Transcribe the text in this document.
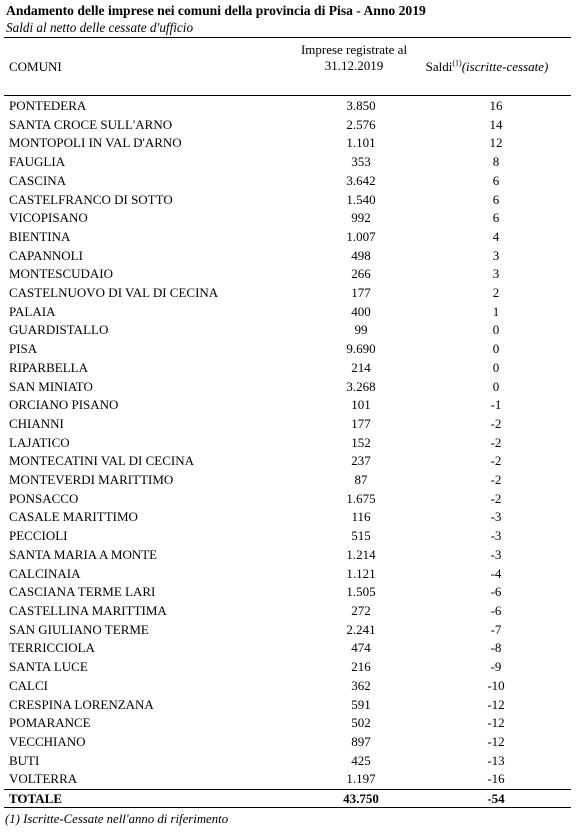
Andamento delle imprese nei comuni della provincia di Pisa - Anno 2019
Saldi al netto delle cessate d'ufficio
COMUNI
Imprese registrate al 31.12.2019	Saldi$^{(1)}$(iscritte-cessate)
PONTEDERA	3.850	16
SANTA CROCE SULL'ARNO	2.576	14
MONTOPOLI IN VAL D'ARNO	1.101	12
FAUGLIA	353	8
CASCINA	3.642	6
CASTELFRANCO DI SOTTO	1.540	6
VICOPISANO	992	6
BIENTINA	1.007	4
CAPANNOLI	498	3
MONTESCUDAIO	266	3
CASTELNUOVO DI VAL DI CECINA	177	2
PALAIA	400	1
GUARDISTALLO	99	0
PISA	9.690	0
RIPARBELLA	214	0
SAN MINIATO	3.268	0
ORCIANO PISANO	101	-1
CHIANNI	177	-2
LAJATICO	152	-2
MONTECATINI VAL DI CECINA	237	-2
MONTEVERDI MARITTIMO	87	-2
PONSACCO	1.675	-2
CASALE MARITTIMO	116	-3
PECCIOLI	515	-3
SANTA MARIA A MONTE	1.214	-3
CALCINAIA	1.121	-4
CASCIANA TERME LARI	1.505	-6
CASTELLINA MARITTIMA	272	-6
SAN GIULIANO TERME	2.241	-7
TERRICCIOLA	474	-8
SANTA LUCE	216	-9
CALCI	362	-10
CRESPINA LORENZANA	591	-12
POMARANCE	502	-12
VECCHIANO	897	-12
BUTI	425	-13
VOLTERRA	1.197	-16
TOTALE	43.750	-54
(1) Iscritte-Cessate nell'anno di riferimento
